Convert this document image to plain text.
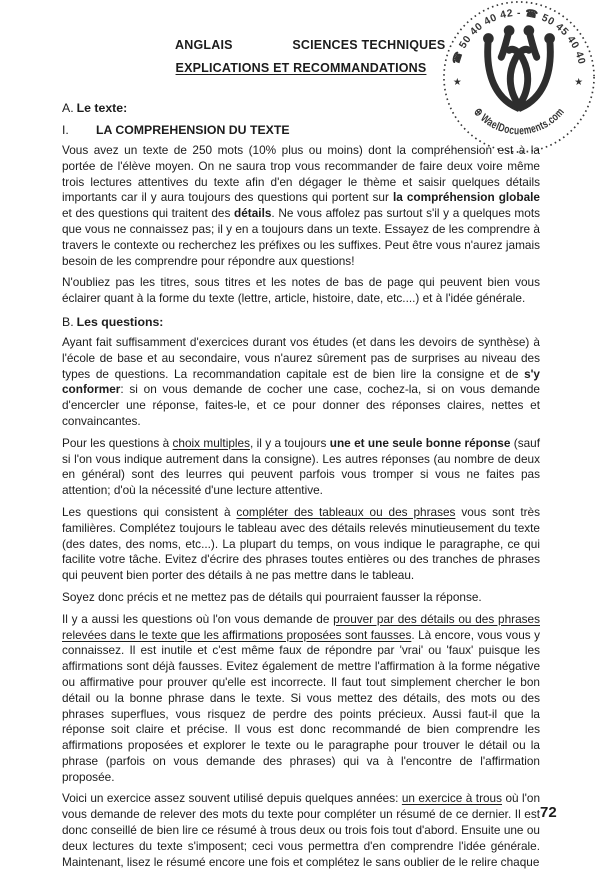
☎ 50 40 40 42 - ☎ 50 45 40 40
⊕ WaelDocuements.com
★	★
ANGLAIS	SCIENCES TECHNIQUES
EXPLICATIONS ET RECOMMANDATIONS
A. Le texte:
I. LA COMPREHENSION DU TEXTE

Vous avez un texte de 250 mots (10% plus ou moins) dont la compréhension est à la portée de l'élève moyen. On ne saura trop vous recommander de faire deux voire même trois lectures attentives du texte afin d'en dégager le thème et saisir quelques détails importants car il y aura toujours des questions qui portent sur la compréhension globale et des questions qui traitent des détails. Ne vous affolez pas surtout s'il y a quelques mots que vous ne connaissez pas; il y en a toujours dans un texte. Essayez de les comprendre à travers le contexte ou recherchez les préfixes ou les suffixes. Peut être vous n'aurez jamais besoin de les comprendre pour répondre aux questions!

N'oubliez pas les titres, sous titres et les notes de bas de page qui peuvent bien vous éclairer quant à la forme du texte (lettre, article, histoire, date, etc....) et à l'idée générale.

B. Les questions:

Ayant fait suffisamment d'exercices durant vos études (et dans les devoirs de synthèse) à l'école de base et au secondaire, vous n'aurez sûrement pas de surprises au niveau des types de questions. La recommandation capitale est de bien lire la consigne et de s'y conformer: si on vous demande de cocher une case, cochez-la, si on vous demande d'encercler une réponse, faites-le, et ce pour donner des réponses claires, nettes et convaincantes.

Pour les questions à choix multiples, il y a toujours une et une seule bonne réponse (sauf si l'on vous indique autrement dans la consigne). Les autres réponses (au nombre de deux en général) sont des leurres qui peuvent parfois vous tromper si vous ne faites pas attention; d'où la nécessité d'une lecture attentive.

Les questions qui consistent à compléter des tableaux ou des phrases vous sont très familières. Complétez toujours le tableau avec des détails relevés minutieusement du texte (des dates, des noms, etc...). La plupart du temps, on vous indique le paragraphe, ce qui facilite votre tâche. Evitez d'écrire des phrases toutes entières ou des tranches de phrases qui peuvent bien porter des détails à ne pas mettre dans le tableau.

Soyez donc précis et ne mettez pas de détails qui pourraient fausser la réponse.

Il y a aussi les questions où l'on vous demande de prouver par des détails ou des phrases relevées dans le texte que les affirmations proposées sont fausses. Là encore, vous vous y connaissez. Il est inutile et c'est même faux de répondre par 'vrai' ou 'faux' puisque les affirmations sont déjà fausses. Evitez également de mettre l'affirmation à la forme négative ou affirmative pour prouver qu'elle est incorrecte. Il faut tout simplement chercher le bon détail ou la bonne phrase dans le texte. Si vous mettez des détails, des mots ou des phrases superflues, vous risquez de perdre des points précieux. Aussi faut-il que la réponse soit claire et précise. Il vous est donc recommandé de bien comprendre les affirmations proposées et explorer le texte ou le paragraphe pour trouver le détail ou la phrase (parfois on vous demande des phrases) qui va à l'encontre de l'affirmation proposée.

Voici un exercice assez souvent utilisé depuis quelques années: un exercice à trous où l'on vous demande de relever des mots du texte pour compléter un résumé de ce dernier. Il est donc conseillé de bien lire ce résumé à trous deux ou trois fois tout d'abord. Ensuite une ou deux lectures du texte s'imposent; ceci vous permettra d'en comprendre l'idée générale. Maintenant, lisez le résumé encore une fois et complétez le sans oublier de le relire chaque

72
